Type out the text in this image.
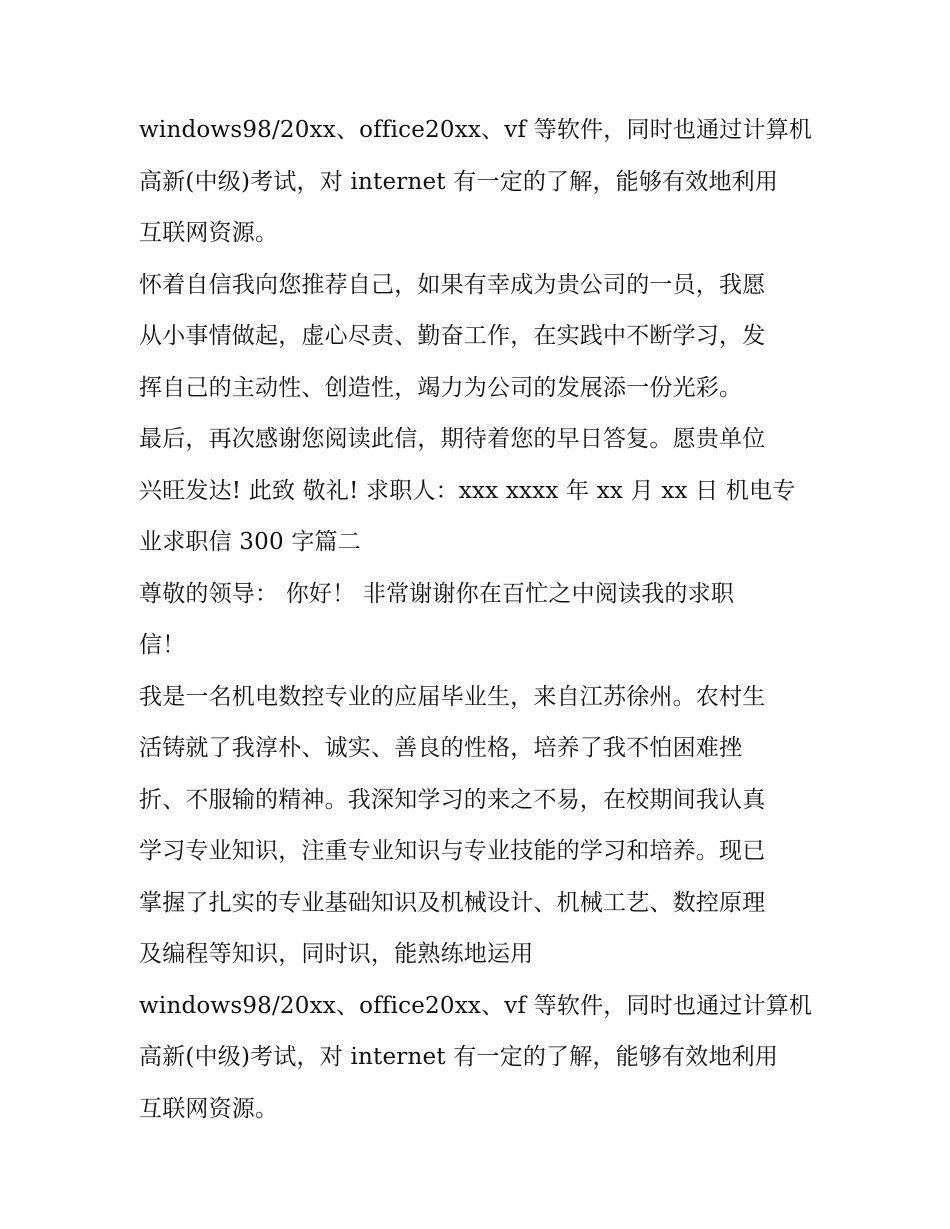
windows98/20xx、office20xx、vf 等软件，同时也通过计算机

高新(中级)考试，对 internet 有一定的了解，能够有效地利用

互联网资源。

怀着自信我向您推荐自己，如果有幸成为贵公司的一员，我愿

从小事情做起，虚心尽责、勤奋工作，在实践中不断学习，发

挥自己的主动性、创造性，竭力为公司的发展添一份光彩。

最后，再次感谢您阅读此信，期待着您的早日答复。愿贵单位

兴旺发达! 此致 敬礼! 求职人：xxx xxxx 年 xx 月 xx 日 机电专

业求职信 300 字篇二

尊敬的领导： 你好！ 非常谢谢你在百忙之中阅读我的求职

信！

我是一名机电数控专业的应届毕业生，来自江苏徐州。农村生

活铸就了我淳朴、诚实、善良的性格，培养了我不怕困难挫

折、不服输的精神。我深知学习的来之不易，在校期间我认真

学习专业知识，注重专业知识与专业技能的学习和培养。现已

掌握了扎实的专业基础知识及机械设计、机械工艺、数控原理

及编程等知识，同时识，能熟练地运用

windows98/20xx、office20xx、vf 等软件，同时也通过计算机

高新(中级)考试，对 internet 有一定的了解，能够有效地利用

互联网资源。
